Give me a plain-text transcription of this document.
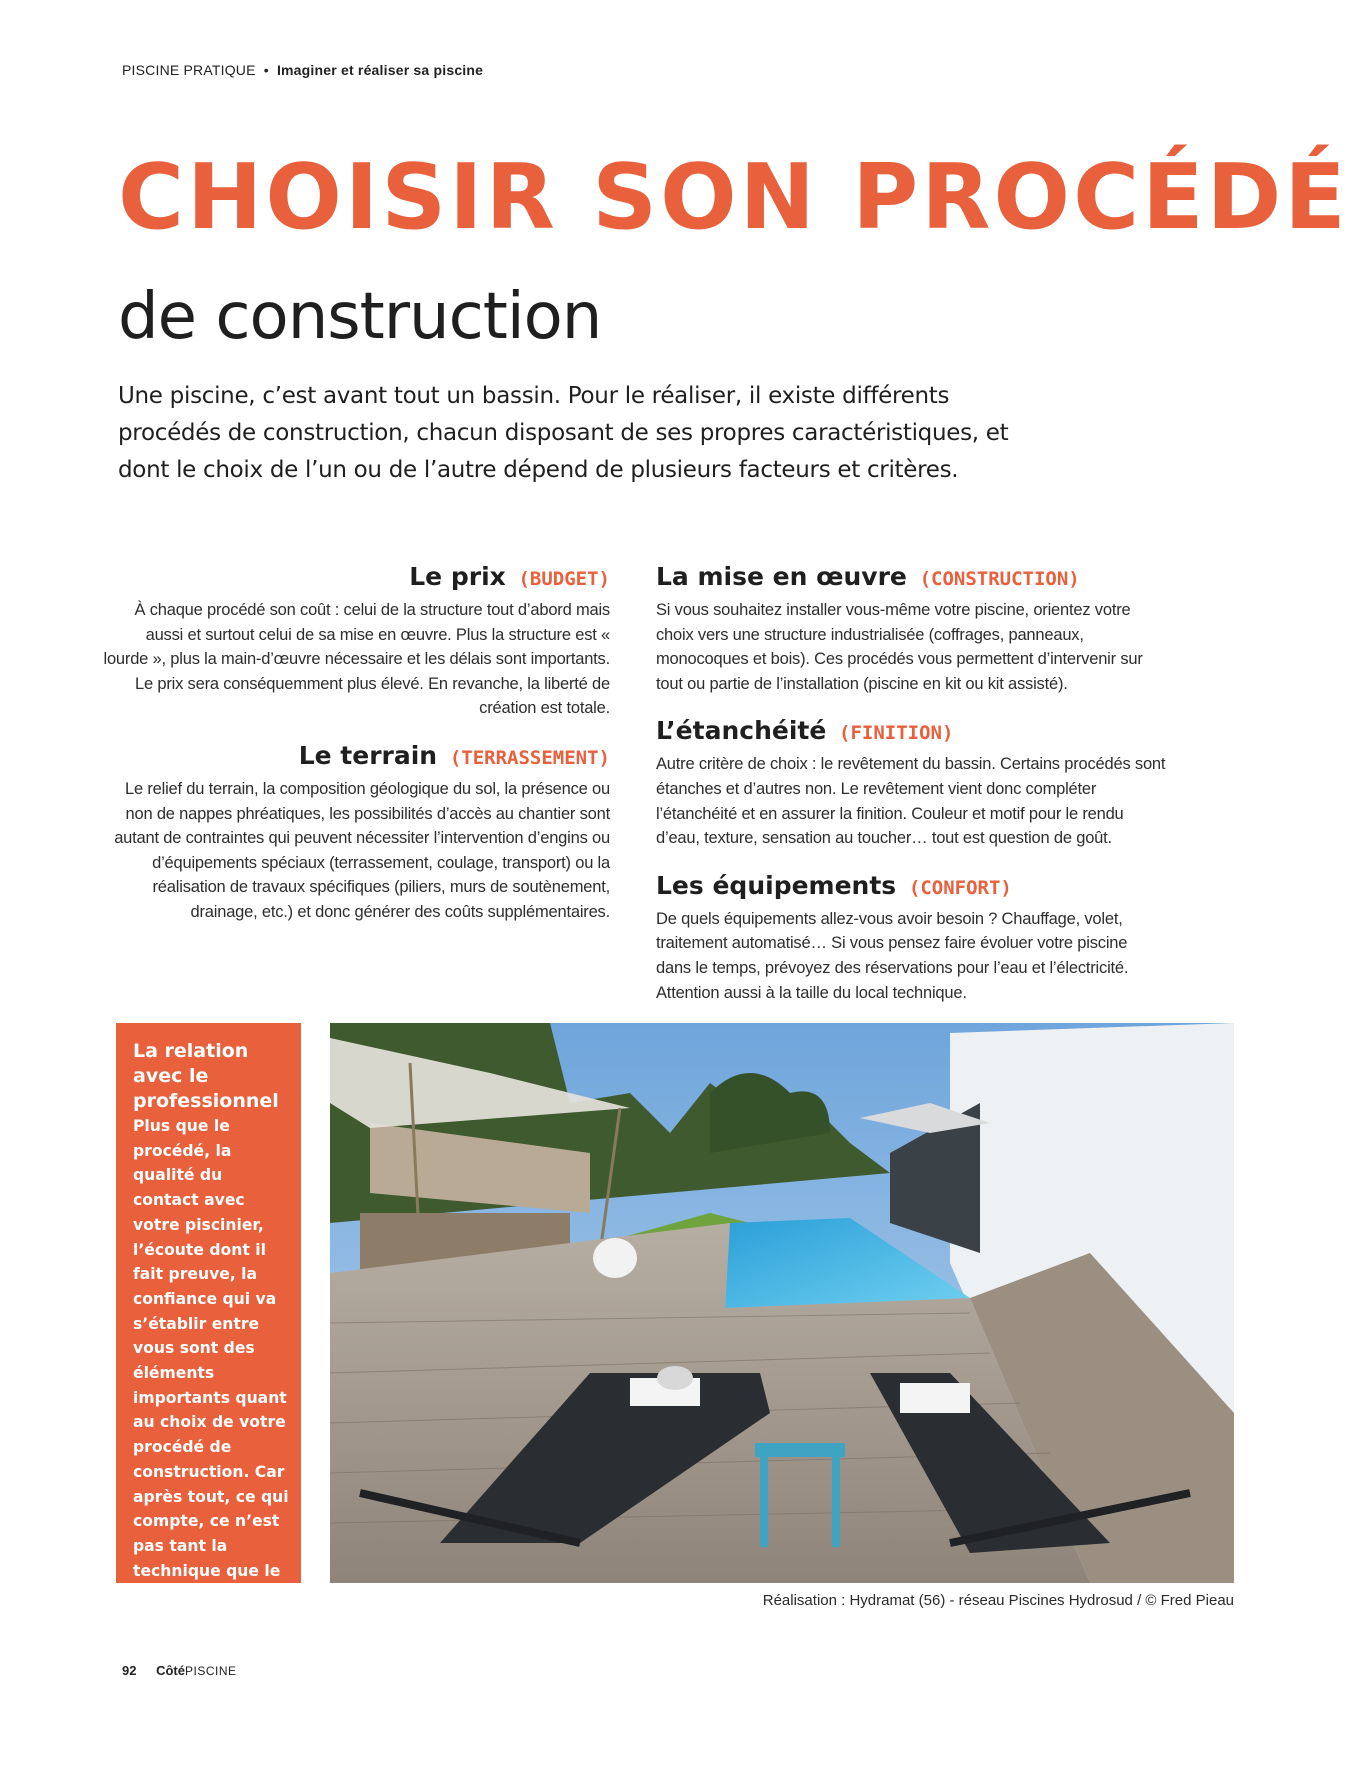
PISCINE PRATIQUE • Imaginer et réaliser sa piscine
CHOISIR SON PROCÉDÉ
de construction

Une piscine, c’est avant tout un bassin. Pour le réaliser, il existe différents procédés de construction, chacun disposant de ses propres caractéristiques, et dont le choix de l’un ou de l’autre dépend de plusieurs facteurs et critères.

Le prix (BUDGET)

À chaque procédé son coût : celui de la structure tout d’abord mais aussi et surtout celui de sa mise en œuvre. Plus la structure est « lourde », plus la main-d’œuvre nécessaire et les délais sont importants. Le prix sera conséquemment plus élevé. En revanche, la liberté de création est totale.

Le terrain (TERRASSEMENT)

Le relief du terrain, la composition géologique du sol, la présence ou non de nappes phréatiques, les possibilités d’accès au chantier sont autant de contraintes qui peuvent nécessiter l’intervention d’engins ou d’équipements spéciaux (terrassement, coulage, transport) ou la réalisation de travaux spécifiques (piliers, murs de soutènement, drainage, etc.) et donc générer des coûts supplémentaires.

La mise en œuvre (CONSTRUCTION)

Si vous souhaitez installer vous-même votre piscine, orientez votre choix vers une structure industrialisée (coffrages, panneaux, monocoques et bois). Ces procédés vous permettent d’intervenir sur tout ou partie de l’installation (piscine en kit ou kit assisté).

L’étanchéité (FINITION)

Autre critère de choix : le revêtement du bassin. Certains procédés sont étanches et d’autres non. Le revêtement vient donc compléter l’étanchéité et en assurer la finition. Couleur et motif pour le rendu d’eau, texture, sensation au toucher… tout est question de goût.

Les équipements (CONFORT)

De quels équipements allez-vous avoir besoin ? Chauffage, volet, traitement automatisé… Si vous pensez faire évoluer votre piscine dans le temps, prévoyez des réservations pour l’eau et l’électricité. Attention aussi à la taille du local technique.

La relation avec le professionnel

Plus que le procédé, la qualité du contact avec votre piscinier, l’écoute dont il fait preuve, la confiance qui va s’établir entre vous sont des éléments importants quant au choix de votre procédé de construction. Car après tout, ce qui compte, ce n’est pas tant la technique que le résultat !	Réalisation : Hydramat (56) - réseau Piscines Hydrosud / © Fred Pieau
92 CôtéPISCINE
